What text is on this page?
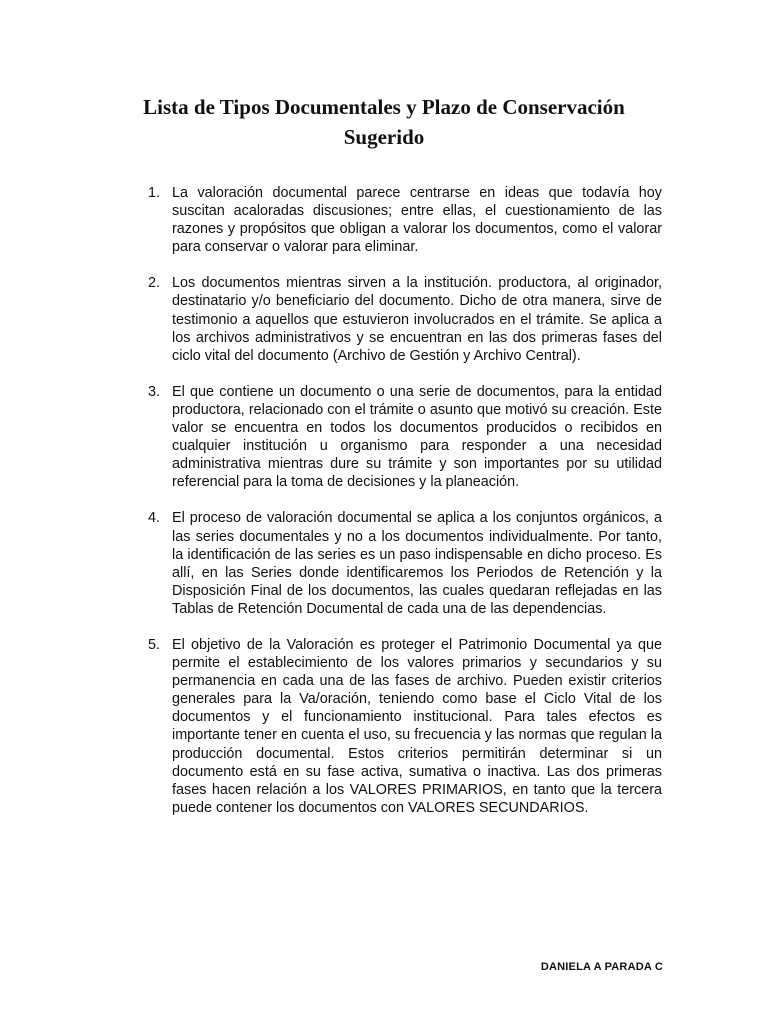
Lista de Tipos Documentales y Plazo de Conservación
Sugerido
1. La valoración documental parece centrarse en ideas que todavía hoy suscitan acaloradas discusiones; entre ellas, el cuestionamiento de las razones y propósitos que obligan a valorar los documentos, como el valorar para conservar o valorar para eliminar.
2. Los documentos mientras sirven a la institución. productora, al originador, destinatario y/o beneficiario del documento. Dicho de otra manera, sirve de testimonio a aquellos que estuvieron involucrados en el trámite. Se aplica a los archivos administrativos y se encuentran en las dos primeras fases del ciclo vital del documento (Archivo de Gestión y Archivo Central).
3. El que contiene un documento o una serie de documentos, para la entidad productora, relacionado con el trámite o asunto que motivó su creación. Este valor se encuentra en todos los documentos producidos o recibidos en cualquier institución u organismo para responder a una necesidad administrativa mientras dure su trámite y son importantes por su utilidad referencial para la toma de decisiones y la planeación.
4. El proceso de valoración documental se aplica a los conjuntos orgánicos, a las series documentales y no a los documentos individualmente. Por tanto, la identificación de las series es un paso indispensable en dicho proceso. Es allí, en las Series donde identificaremos los Periodos de Retención y la Disposición Final de los documentos, las cuales quedaran reflejadas en las Tablas de Retención Documental de cada una de las dependencias.
5. El objetivo de la Valoración es proteger el Patrimonio Documental ya que permite el establecimiento de los valores primarios y secundarios y su permanencia en cada una de las fases de archivo. Pueden existir criterios generales para la Va/oración, teniendo como base el Ciclo Vital de los documentos y el funcionamiento institucional. Para tales efectos es importante tener en cuenta el uso, su frecuencia y las normas que regulan la producción documental. Estos criterios permitirán determinar si un documento está en su fase activa, sumativa o inactiva. Las dos primeras fases hacen relación a los VALORES PRIMARIOS, en tanto que la tercera puede contener los documentos con VALORES SECUNDARIOS.
DANIELA A PARADA C
